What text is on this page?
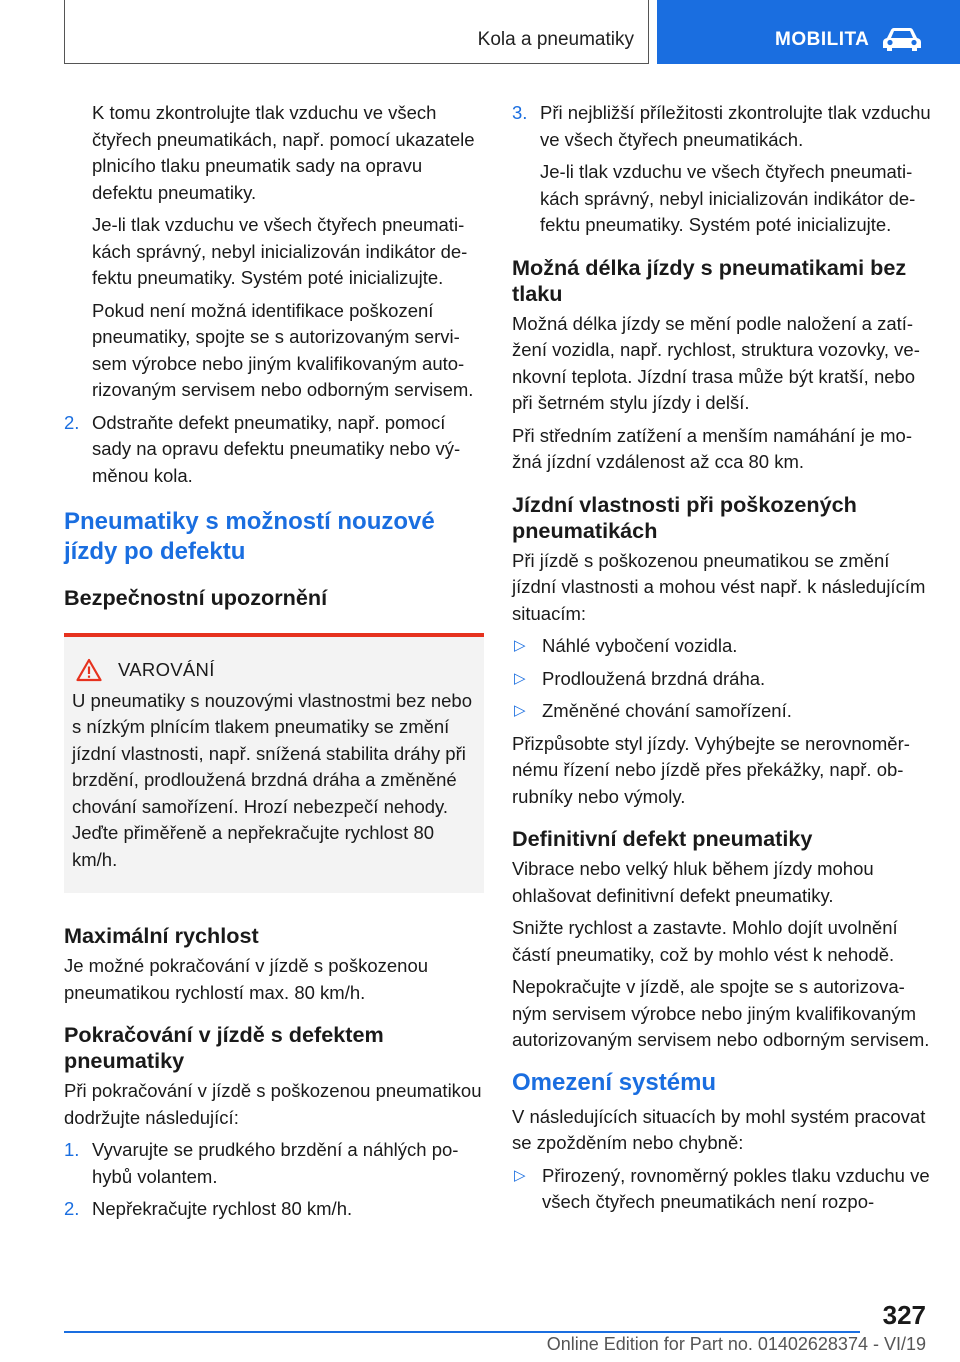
Kola a pneumatiky	MOBILITA

K tomu zkontrolujte tlak vzduchu ve všech čtyřech pneumatikách, např. pomocí ukazatele plnicího tlaku pneumatik sady na opravu defektu pneumatiky.

Je-li tlak vzduchu ve všech čtyřech pneumatikách správný, nebyl inicializován indikátor defektu pneumatiky. Systém poté inicializujte.

Pokud není možná identifikace poškození pneumatiky, spojte se s autorizovaným servisem výrobce nebo jiným kvalifikovaným autorizovaným servisem nebo odborným servisem.

2. Odstraňte defekt pneumatiky, např. pomocí sady na opravu defektu pneumatiky nebo výměnou kola.
Pneumatiky s možností nouzové jízdy po defektu
Bezpečnostní upozornění
VAROVÁNÍ

U pneumatiky s nouzovými vlastnostmi bez nebo s nízkým plnícím tlakem pneumatiky se změní jízdní vlastnosti, např. snížená stabilita dráhy při brzdění, prodloužená brzdná dráha a změněné chování samořízení. Hrozí nebezpečí nehody. Jeďte přiměřeně a nepřekračujte rychlost 80 km/h.

Maximální rychlost

Je možné pokračování v jízdě s poškozenou pneumatikou rychlostí max. 80 km/h.

Pokračování v jízdě s defektem pneumatiky

Při pokračování v jízdě s poškozenou pneumatikou dodržujte následující:

1. Vyvarujte se prudkého brzdění a náhlých pohybů volantem.
2. Nepřekračujte rychlost 80 km/h.
3. Při nejbližší příležitosti zkontrolujte tlak vzduchu ve všech čtyřech pneumatikách.

Je-li tlak vzduchu ve všech čtyřech pneumatikách správný, nebyl inicializován indikátor defektu pneumatiky. Systém poté inicializujte.

Možná délka jízdy s pneumatikami bez tlaku

Možná délka jízdy se mění podle naložení a zatížení vozidla, např. rychlost, struktura vozovky, venkovní teplota. Jízdní trasa může být kratší, nebo při šetrném stylu jízdy i delší.

Při středním zatížení a menším namáhání je možná jízdní vzdálenost až cca 80 km.

Jízdní vlastnosti při poškozených pneumatikách

Při jízdě s poškozenou pneumatikou se změní jízdní vlastnosti a mohou vést např. k následujícím situacím:

▷ Náhlé vybočení vozidla.
▷ Prodloužená brzdná dráha.
▷ Změněné chování samořízení.

Přizpůsobte styl jízdy. Vyhýbejte se nerovnoměrnému řízení nebo jízdě přes překážky, např. obrubníky nebo výmoly.

Definitivní defekt pneumatiky

Vibrace nebo velký hluk během jízdy mohou ohlašovat definitivní defekt pneumatiky.

Snižte rychlost a zastavte. Mohlo dojít uvolnění částí pneumatiky, což by mohlo vést k nehodě.

Nepokračujte v jízdě, ale spojte se s autorizovaným servisem výrobce nebo jiným kvalifikovaným autorizovaným servisem nebo odborným servisem.

Omezení systému

V následujících situacích by mohl systém pracovat se zpožděním nebo chybně:

▷ Přirozený, rovnoměrný pokles tlaku vzduchu ve všech čtyřech pneumatikách není rozpo-
327
Online Edition for Part no. 01402628374 - VI/19
